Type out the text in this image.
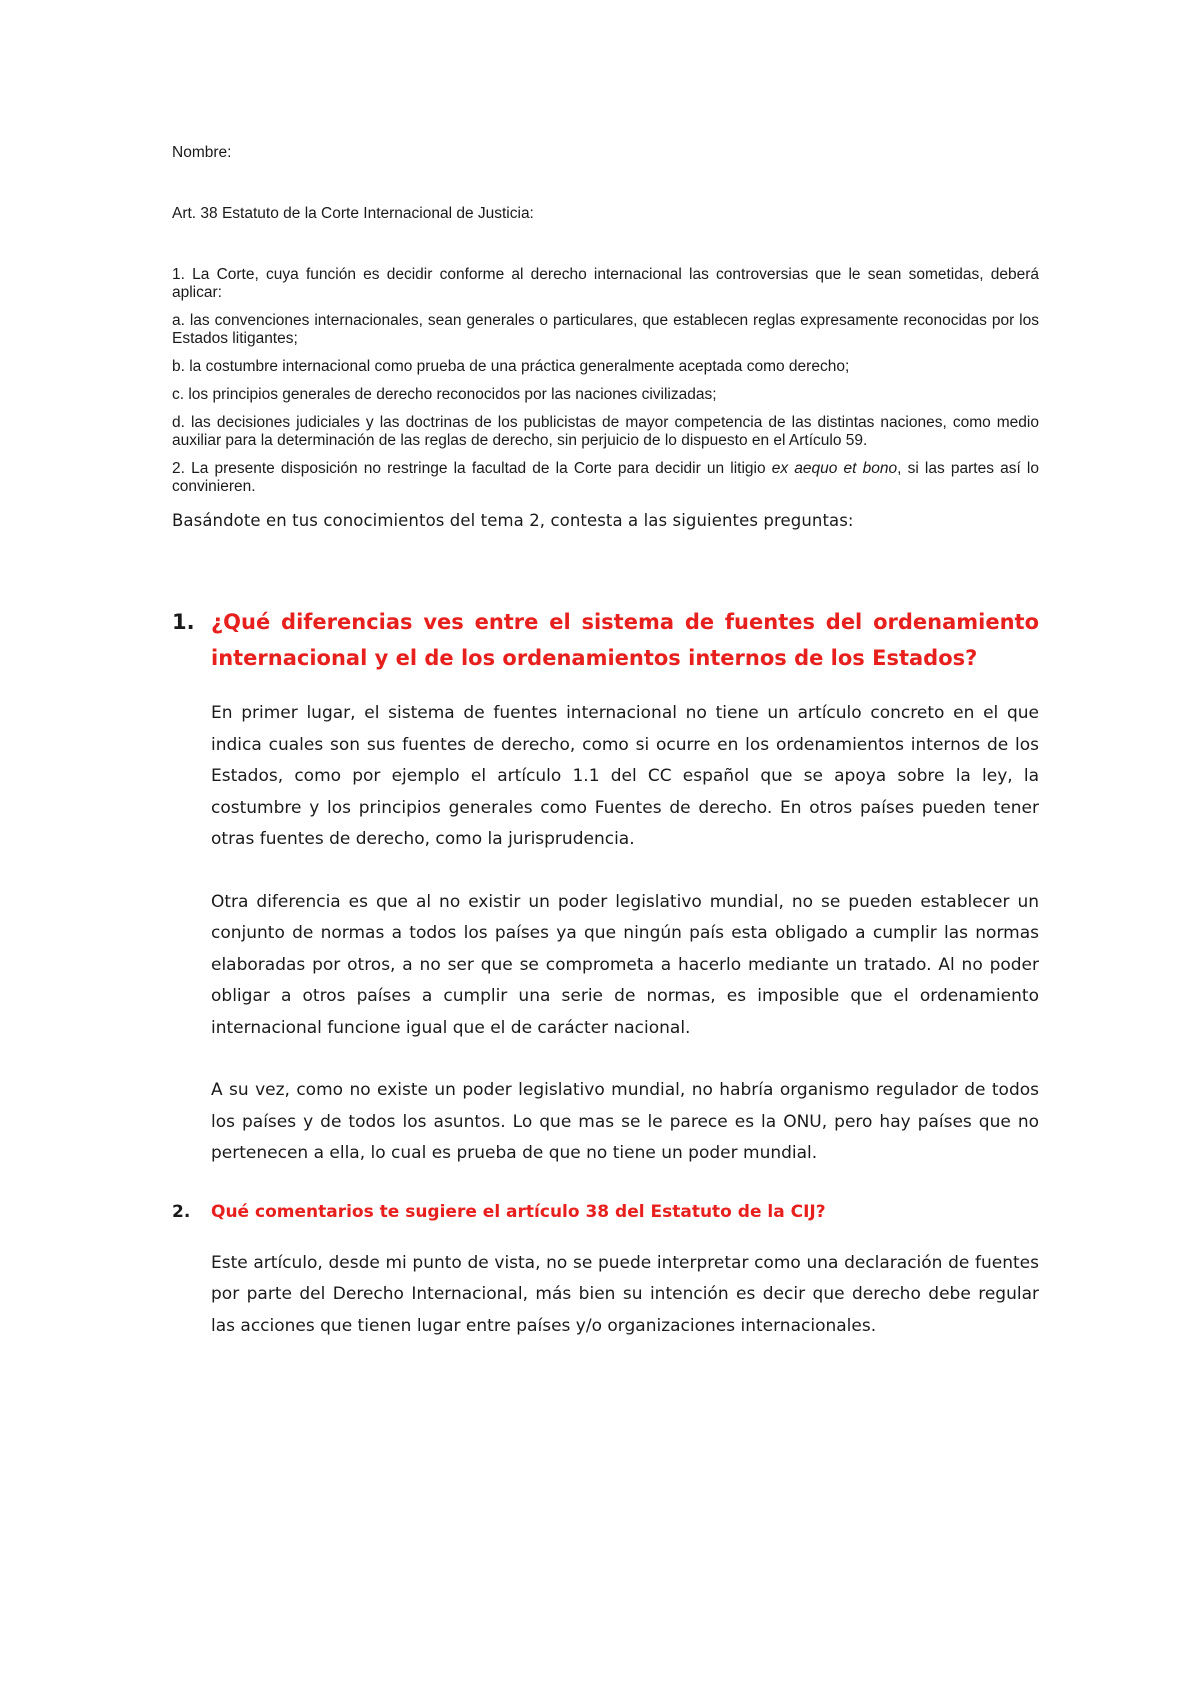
Nombre:

Art. 38 Estatuto de la Corte Internacional de Justicia:

1. La Corte, cuya función es decidir conforme al derecho internacional las controversias que le sean sometidas, deberá aplicar:

a. las convenciones internacionales, sean generales o particulares, que establecen reglas expresamente reconocidas por los Estados litigantes;

b. la costumbre internacional como prueba de una práctica generalmente aceptada como derecho;

c. los principios generales de derecho reconocidos por las naciones civilizadas;

d. las decisiones judiciales y las doctrinas de los publicistas de mayor competencia de las distintas naciones, como medio auxiliar para la determinación de las reglas de derecho, sin perjuicio de lo dispuesto en el Artículo 59.

2. La presente disposición no restringe la facultad de la Corte para decidir un litigio ex aequo et bono, si las partes así lo convinieren.

Basándote en tus conocimientos del tema 2, contesta a las siguientes preguntas:

1. ¿Qué diferencias ves entre el sistema de fuentes del ordenamiento internacional y el de los ordenamientos internos de los Estados?

En primer lugar, el sistema de fuentes internacional no tiene un artículo concreto en el que indica cuales son sus fuentes de derecho, como si ocurre en los ordenamientos internos de los Estados, como por ejemplo el artículo 1.1 del CC español que se apoya sobre la ley, la costumbre y los principios generales como Fuentes de derecho. En otros países pueden tener otras fuentes de derecho, como la jurisprudencia.

Otra diferencia es que al no existir un poder legislativo mundial, no se pueden establecer un conjunto de normas a todos los países ya que ningún país esta obligado a cumplir las normas elaboradas por otros, a no ser que se comprometa a hacerlo mediante un tratado. Al no poder obligar a otros países a cumplir una serie de normas, es imposible que el ordenamiento internacional funcione igual que el de carácter nacional.

A su vez, como no existe un poder legislativo mundial, no habría organismo regulador de todos los países y de todos los asuntos. Lo que mas se le parece es la ONU, pero hay países que no pertenecen a ella, lo cual es prueba de que no tiene un poder mundial.

2.	Qué comentarios te sugiere el artículo 38 del Estatuto de la CIJ?

Este artículo, desde mi punto de vista, no se puede interpretar como una declaración de fuentes por parte del Derecho Internacional, más bien su intención es decir que derecho debe regular las acciones que tienen lugar entre países y/o organizaciones internacionales.
